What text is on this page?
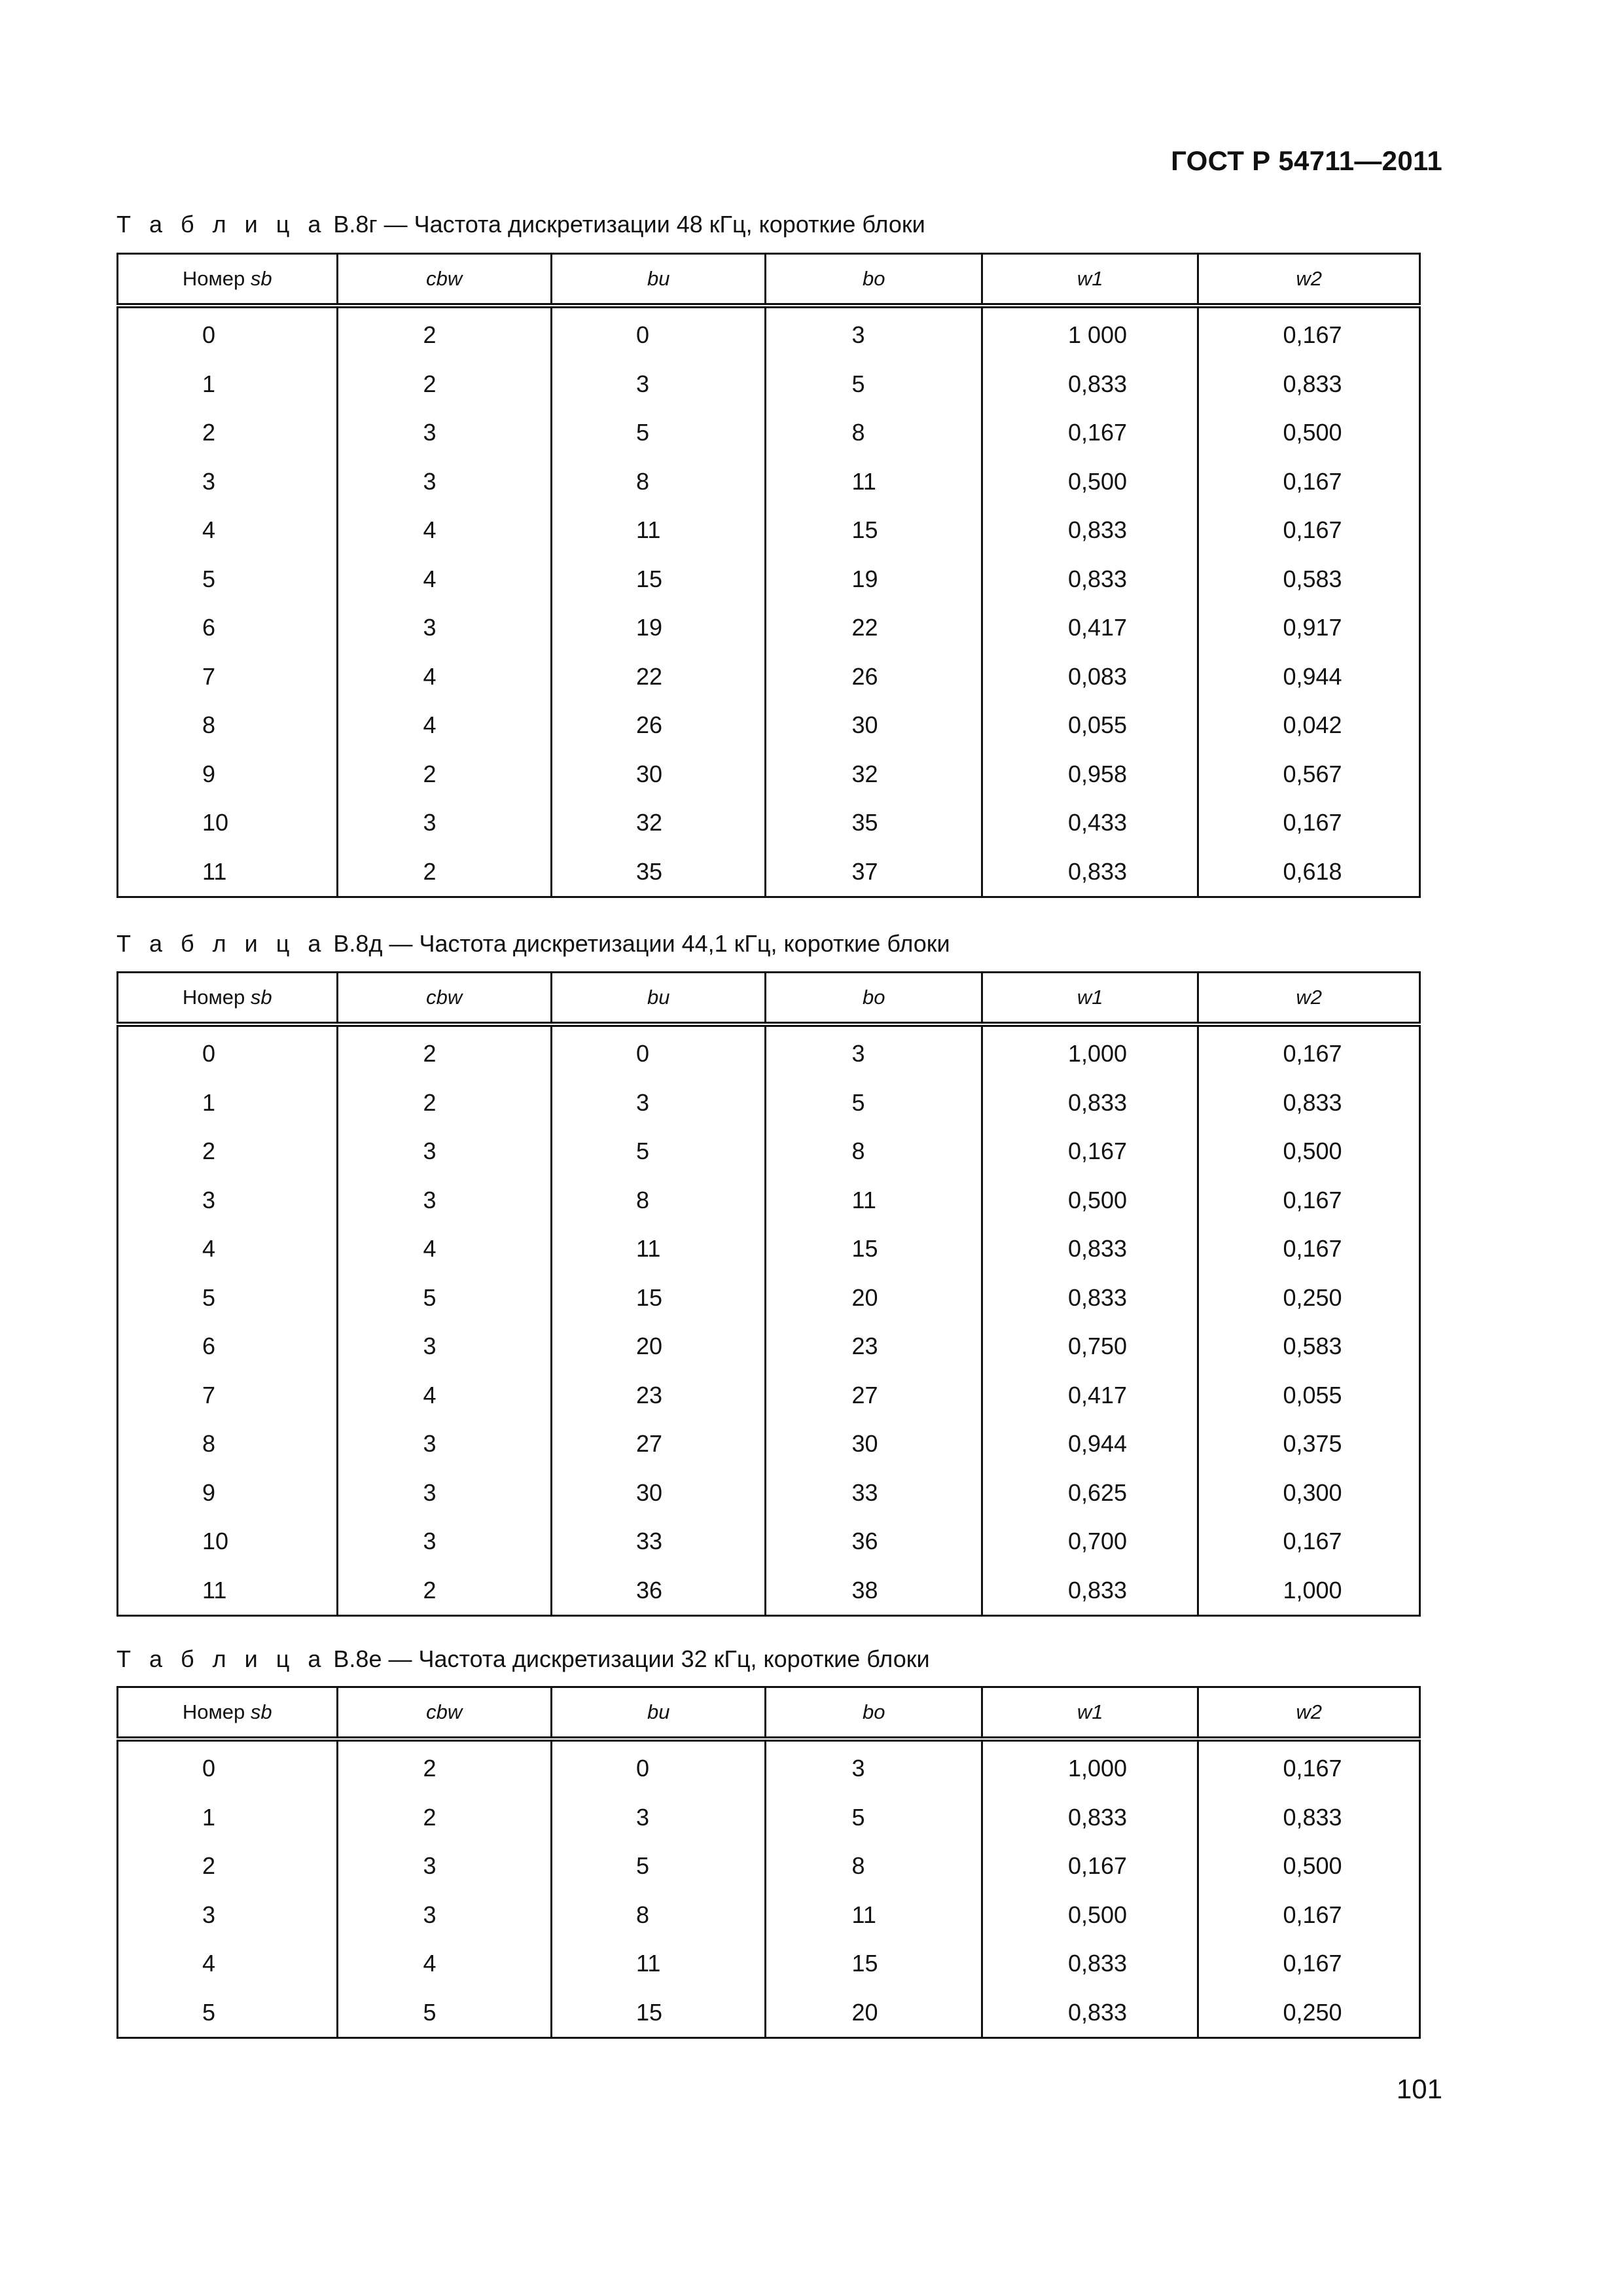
ГОСТ Р 54711—2011
Т а б л и ц а В.8г — Частота дискретизации 48 кГц, короткие блоки
Номер sb	cbw	bu	bo	w1	w2
0	2	0	3	1 000	0,167
1	2	3	5	0,833	0,833
2	3	5	8	0,167	0,500
3	3	8	11	0,500	0,167
4	4	11	15	0,833	0,167
5	4	15	19	0,833	0,583
6	3	19	22	0,417	0,917
7	4	22	26	0,083	0,944
8	4	26	30	0,055	0,042
9	2	30	32	0,958	0,567
10	3	32	35	0,433	0,167
11	2	35	37	0,833	0,618
Т а б л и ц а В.8д — Частота дискретизации 44,1 кГц, короткие блоки
Номер sb	cbw	bu	bo	w1	w2
0	2	0	3	1,000	0,167
1	2	3	5	0,833	0,833
2	3	5	8	0,167	0,500
3	3	8	11	0,500	0,167
4	4	11	15	0,833	0,167
5	5	15	20	0,833	0,250
6	3	20	23	0,750	0,583
7	4	23	27	0,417	0,055
8	3	27	30	0,944	0,375
9	3	30	33	0,625	0,300
10	3	33	36	0,700	0,167
11	2	36	38	0,833	1,000
Т а б л и ц а В.8е — Частота дискретизации 32 кГц, короткие блоки
Номер sb	cbw	bu	bo	w1	w2
0	2	0	3	1,000	0,167
1	2	3	5	0,833	0,833
2	3	5	8	0,167	0,500
3	3	8	11	0,500	0,167
4	4	11	15	0,833	0,167
5	5	15	20	0,833	0,250
101
